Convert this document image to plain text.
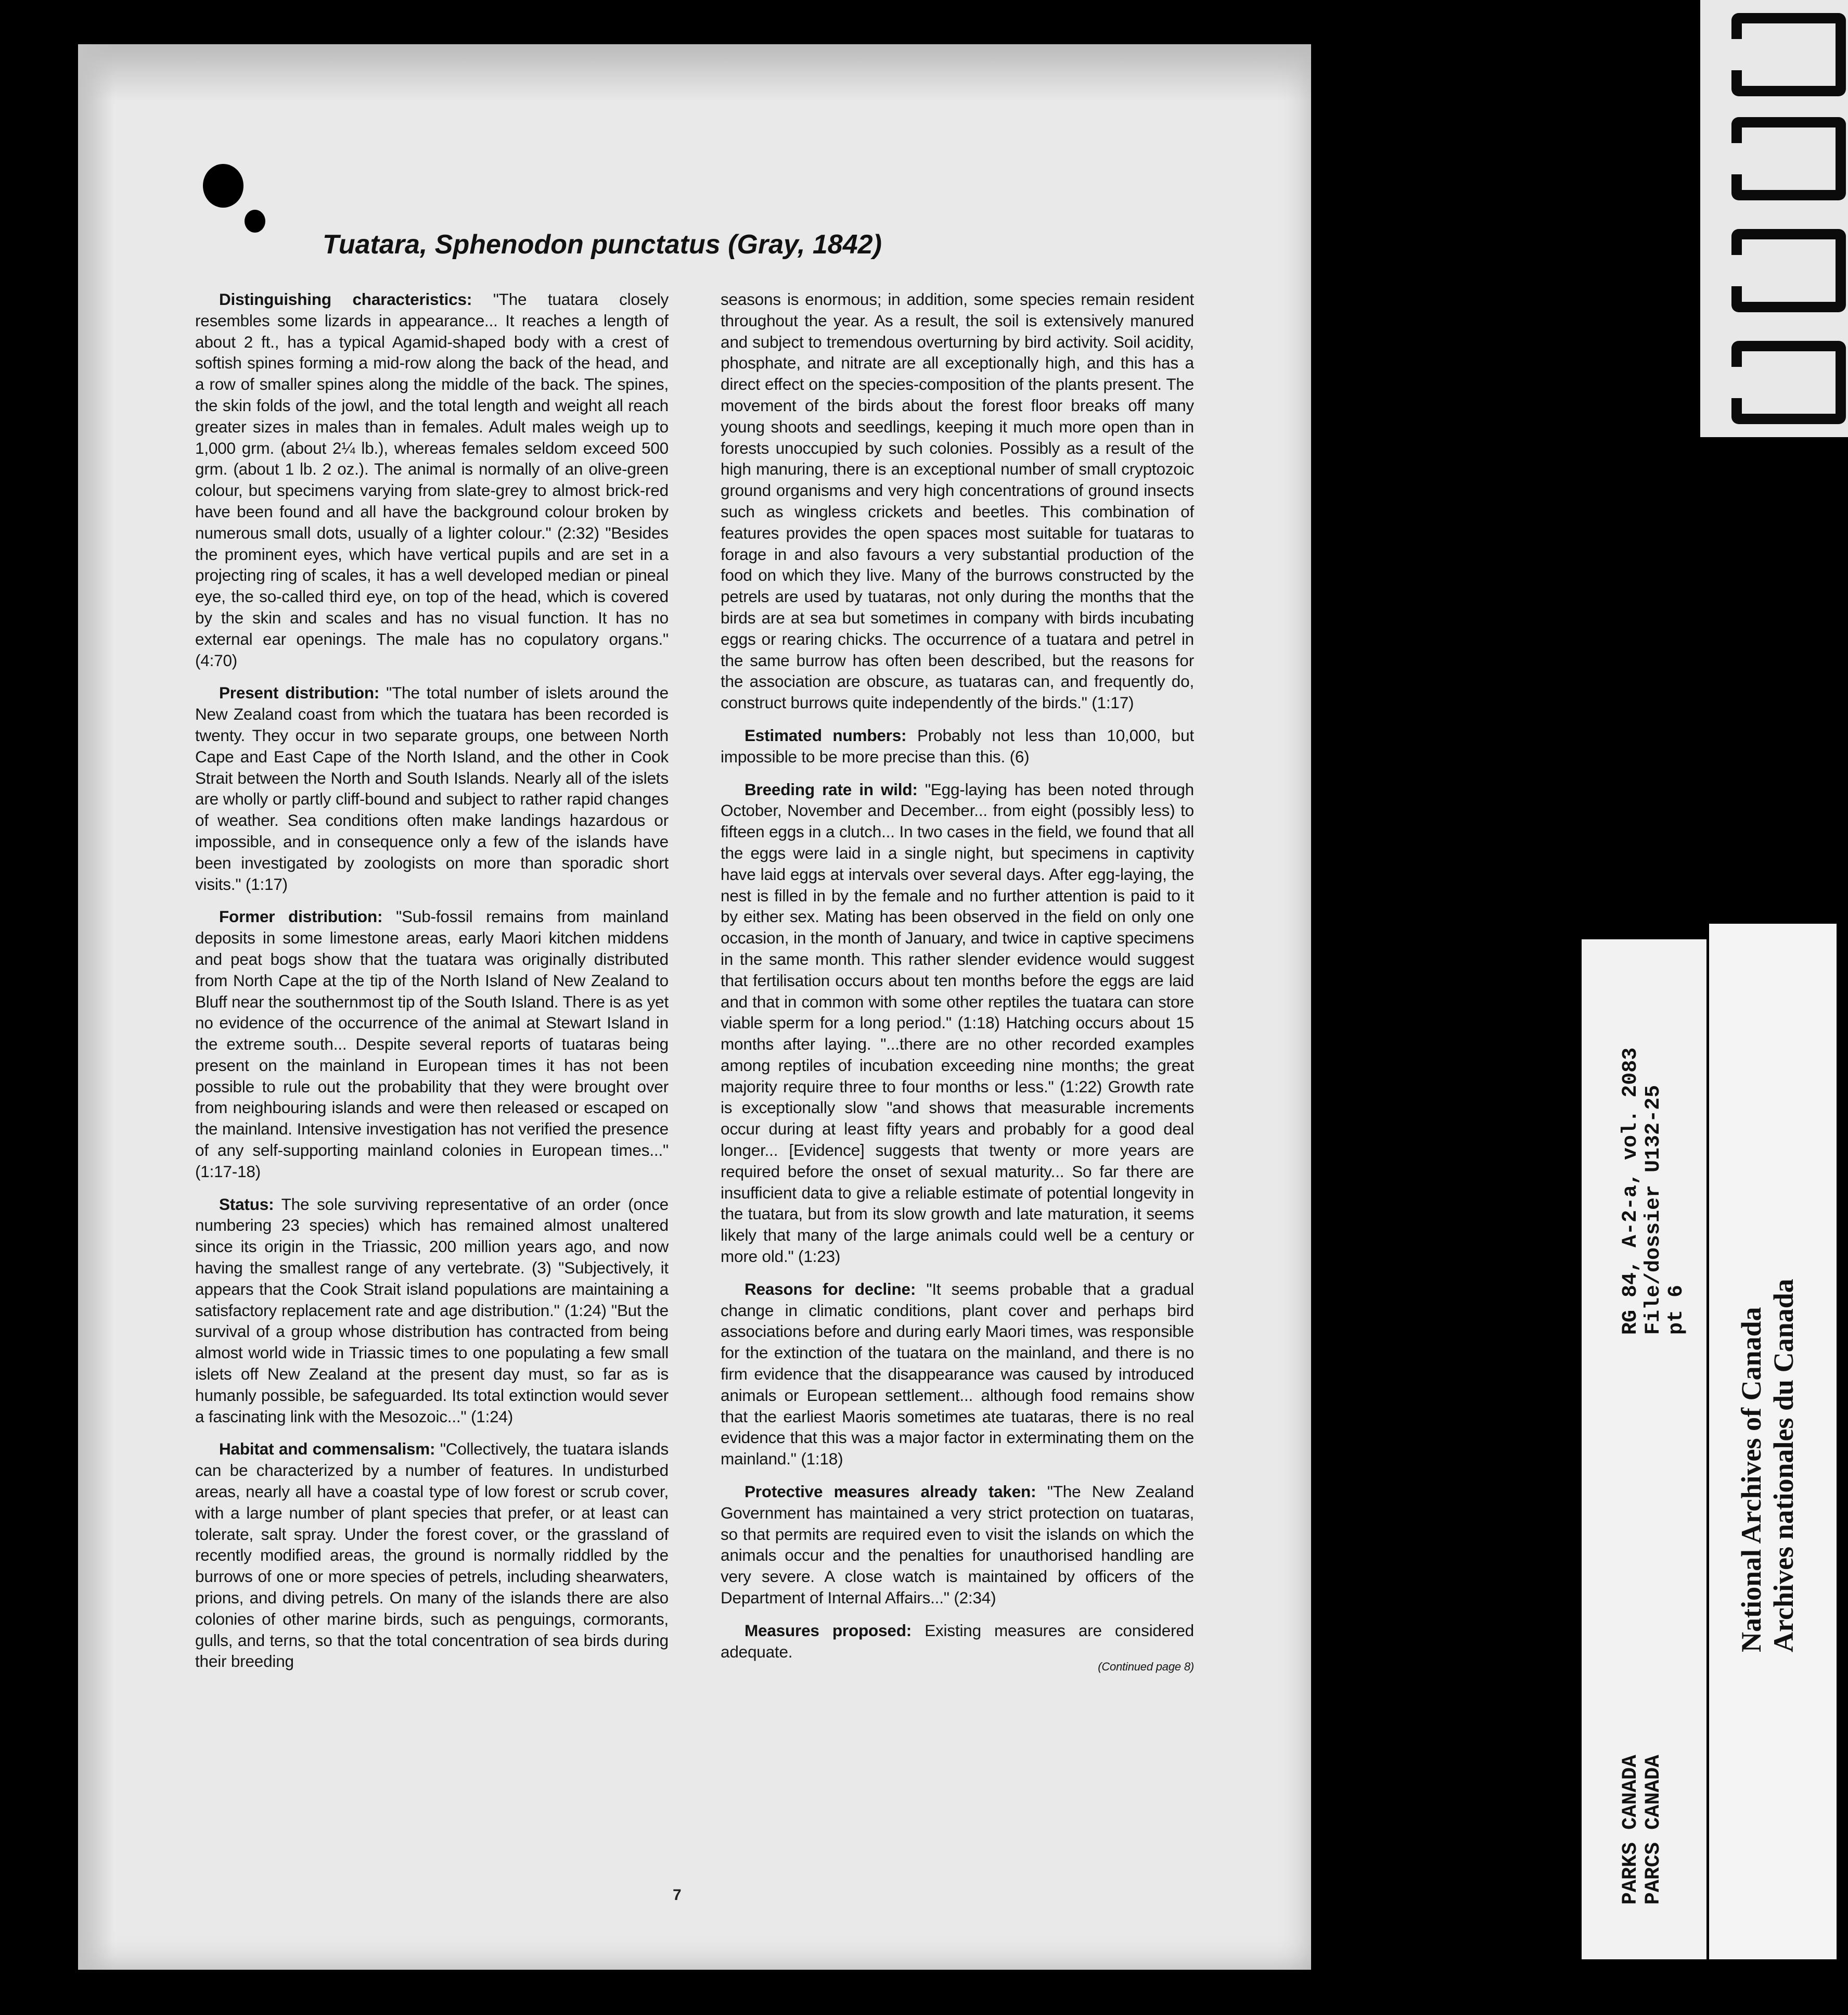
Tuatara, Sphenodon punctatus (Gray, 1842)

Distinguishing characteristics: "The tuatara closely resembles some lizards in appearance... It reaches a length of about 2 ft., has a typical Agamid-shaped body with a crest of softish spines forming a mid-row along the back of the head, and a row of smaller spines along the middle of the back. The spines, the skin folds of the jowl, and the total length and weight all reach greater sizes in males than in females. Adult males weigh up to 1,000 grm. (about 2¼ lb.), whereas females seldom exceed 500 grm. (about 1 lb. 2 oz.). The animal is normally of an olive-green colour, but specimens varying from slate-grey to almost brick-red have been found and all have the background colour broken by numerous small dots, usually of a lighter colour." (2:32) "Besides the prominent eyes, which have vertical pupils and are set in a projecting ring of scales, it has a well developed median or pineal eye, the so-called third eye, on top of the head, which is covered by the skin and scales and has no visual function. It has no external ear openings. The male has no copulatory organs." (4:70)

Present distribution: "The total number of islets around the New Zealand coast from which the tuatara has been recorded is twenty. They occur in two separate groups, one between North Cape and East Cape of the North Island, and the other in Cook Strait between the North and South Islands. Nearly all of the islets are wholly or partly cliff-bound and subject to rather rapid changes of weather. Sea conditions often make landings hazardous or impossible, and in consequence only a few of the islands have been investigated by zoologists on more than sporadic short visits." (1:17)

Former distribution: "Sub-fossil remains from mainland deposits in some limestone areas, early Maori kitchen middens and peat bogs show that the tuatara was originally distributed from North Cape at the tip of the North Island of New Zealand to Bluff near the southernmost tip of the South Island. There is as yet no evidence of the occurrence of the animal at Stewart Island in the extreme south... Despite several reports of tuataras being present on the mainland in European times it has not been possible to rule out the probability that they were brought over from neighbouring islands and were then released or escaped on the mainland. Intensive investigation has not verified the presence of any self-supporting mainland colonies in European times..." (1:17-18)

Status: The sole surviving representative of an order (once numbering 23 species) which has remained almost unaltered since its origin in the Triassic, 200 million years ago, and now having the smallest range of any vertebrate. (3) "Subjectively, it appears that the Cook Strait island populations are maintaining a satisfactory replacement rate and age distribution." (1:24) "But the survival of a group whose distribution has contracted from being almost world wide in Triassic times to one populating a few small islets off New Zealand at the present day must, so far as is humanly possible, be safeguarded. Its total extinction would sever a fascinating link with the Mesozoic..." (1:24)

Habitat and commensalism: "Collectively, the tuatara islands can be characterized by a number of features. In undisturbed areas, nearly all have a coastal type of low forest or scrub cover, with a large number of plant species that prefer, or at least can tolerate, salt spray. Under the forest cover, or the grassland of recently modified areas, the ground is normally riddled by the burrows of one or more species of petrels, including shearwaters, prions, and diving petrels. On many of the islands there are also colonies of other marine birds, such as penguings, cormorants, gulls, and terns, so that the total concentration of sea birds during their breeding

seasons is enormous; in addition, some species remain resident throughout the year. As a result, the soil is extensively manured and subject to tremendous overturning by bird activity. Soil acidity, phosphate, and nitrate are all exceptionally high, and this has a direct effect on the species-composition of the plants present. The movement of the birds about the forest floor breaks off many young shoots and seedlings, keeping it much more open than in forests unoccupied by such colonies. Possibly as a result of the high manuring, there is an exceptional number of small cryptozoic ground organisms and very high concentrations of ground insects such as wingless crickets and beetles. This combination of features provides the open spaces most suitable for tuataras to forage in and also favours a very substantial production of the food on which they live. Many of the burrows constructed by the petrels are used by tuataras, not only during the months that the birds are at sea but sometimes in company with birds incubating eggs or rearing chicks. The occurrence of a tuatara and petrel in the same burrow has often been described, but the reasons for the association are obscure, as tuataras can, and frequently do, construct burrows quite independently of the birds." (1:17)

Estimated numbers: Probably not less than 10,000, but impossible to be more precise than this. (6)

Breeding rate in wild: "Egg-laying has been noted through October, November and December... from eight (possibly less) to fifteen eggs in a clutch... In two cases in the field, we found that all the eggs were laid in a single night, but specimens in captivity have laid eggs at intervals over several days. After egg-laying, the nest is filled in by the female and no further attention is paid to it by either sex. Mating has been observed in the field on only one occasion, in the month of January, and twice in captive specimens in the same month. This rather slender evidence would suggest that fertilisation occurs about ten months before the eggs are laid and that in common with some other reptiles the tuatara can store viable sperm for a long period." (1:18) Hatching occurs about 15 months after laying. "...there are no other recorded examples among reptiles of incubation exceeding nine months; the great majority require three to four months or less." (1:22) Growth rate is exceptionally slow "and shows that measurable increments occur during at least fifty years and probably for a good deal longer... [Evidence] suggests that twenty or more years are required before the onset of sexual maturity... So far there are insufficient data to give a reliable estimate of potential longevity in the tuatara, but from its slow growth and late maturation, it seems likely that many of the large animals could well be a century or more old." (1:23)

Reasons for decline: "It seems probable that a gradual change in climatic conditions, plant cover and perhaps bird associations before and during early Maori times, was responsible for the extinction of the tuatara on the mainland, and there is no firm evidence that the disappearance was caused by introduced animals or European settlement... although food remains show that the earliest Maoris sometimes ate tuataras, there is no real evidence that this was a major factor in exterminating them on the mainland." (1:18)

Protective measures already taken: "The New Zealand Government has maintained a very strict protection on tuataras, so that permits are required even to visit the islands on which the animals occur and the penalties for unauthorised handling are very severe. A close watch is maintained by officers of the Department of Internal Affairs..." (2:34)

Measures proposed: Existing measures are considered adequate.
(Continued page 8)

7	PARKS CANADA PARCS CANADA
RG 84, A-2-a, vol. 2083 File/dossier U132-25 pt 6 National Archives of Canada Archives nationales du Canada
